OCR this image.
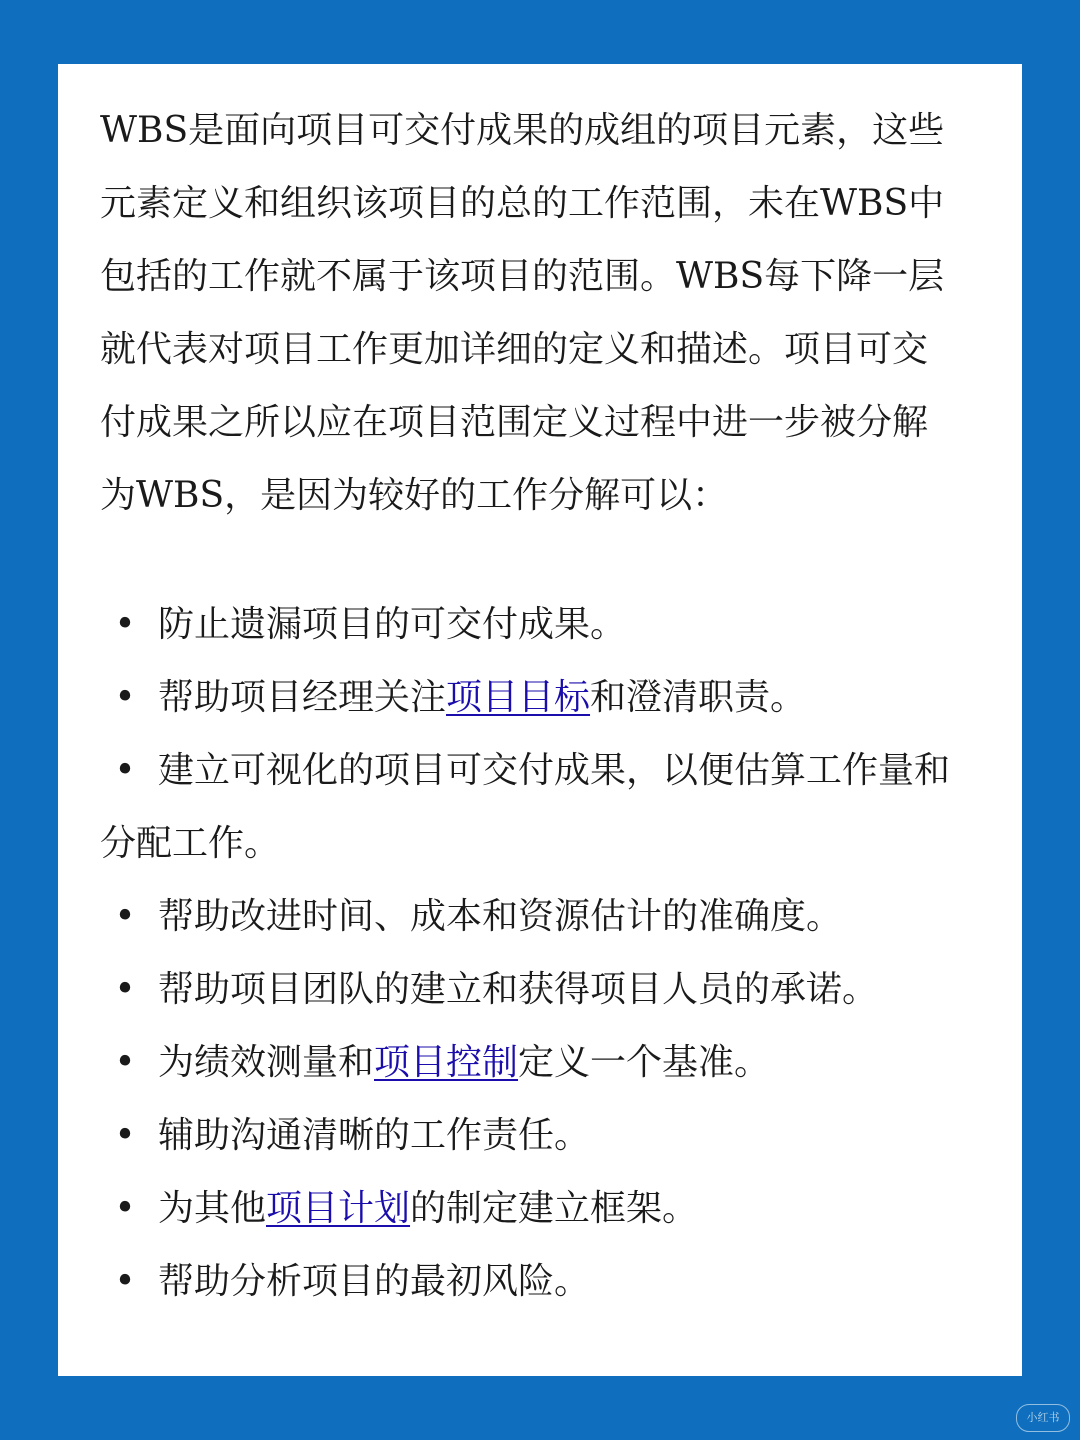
WBS是面向项目可交付成果的成组的项目元素，这些元素定义和组织该项目的总的工作范围，未在WBS中包括的工作就不属于该项目的范围。WBS每下降一层就代表对项目工作更加详细的定义和描述。项目可交付成果之所以应在项目范围定义过程中进一步被分解为WBS，是因为较好的工作分解可以：

• 防止遗漏项目的可交付成果。
• 帮助项目经理关注项目目标和澄清职责。
• 建立可视化的项目可交付成果，以便估算工作量和分配工作。
• 帮助改进时间、成本和资源估计的准确度。
• 帮助项目团队的建立和获得项目人员的承诺。
• 为绩效测量和项目控制定义一个基准。
• 辅助沟通清晰的工作责任。
• 为其他项目计划的制定建立框架。
• 帮助分析项目的最初风险。
小红书
